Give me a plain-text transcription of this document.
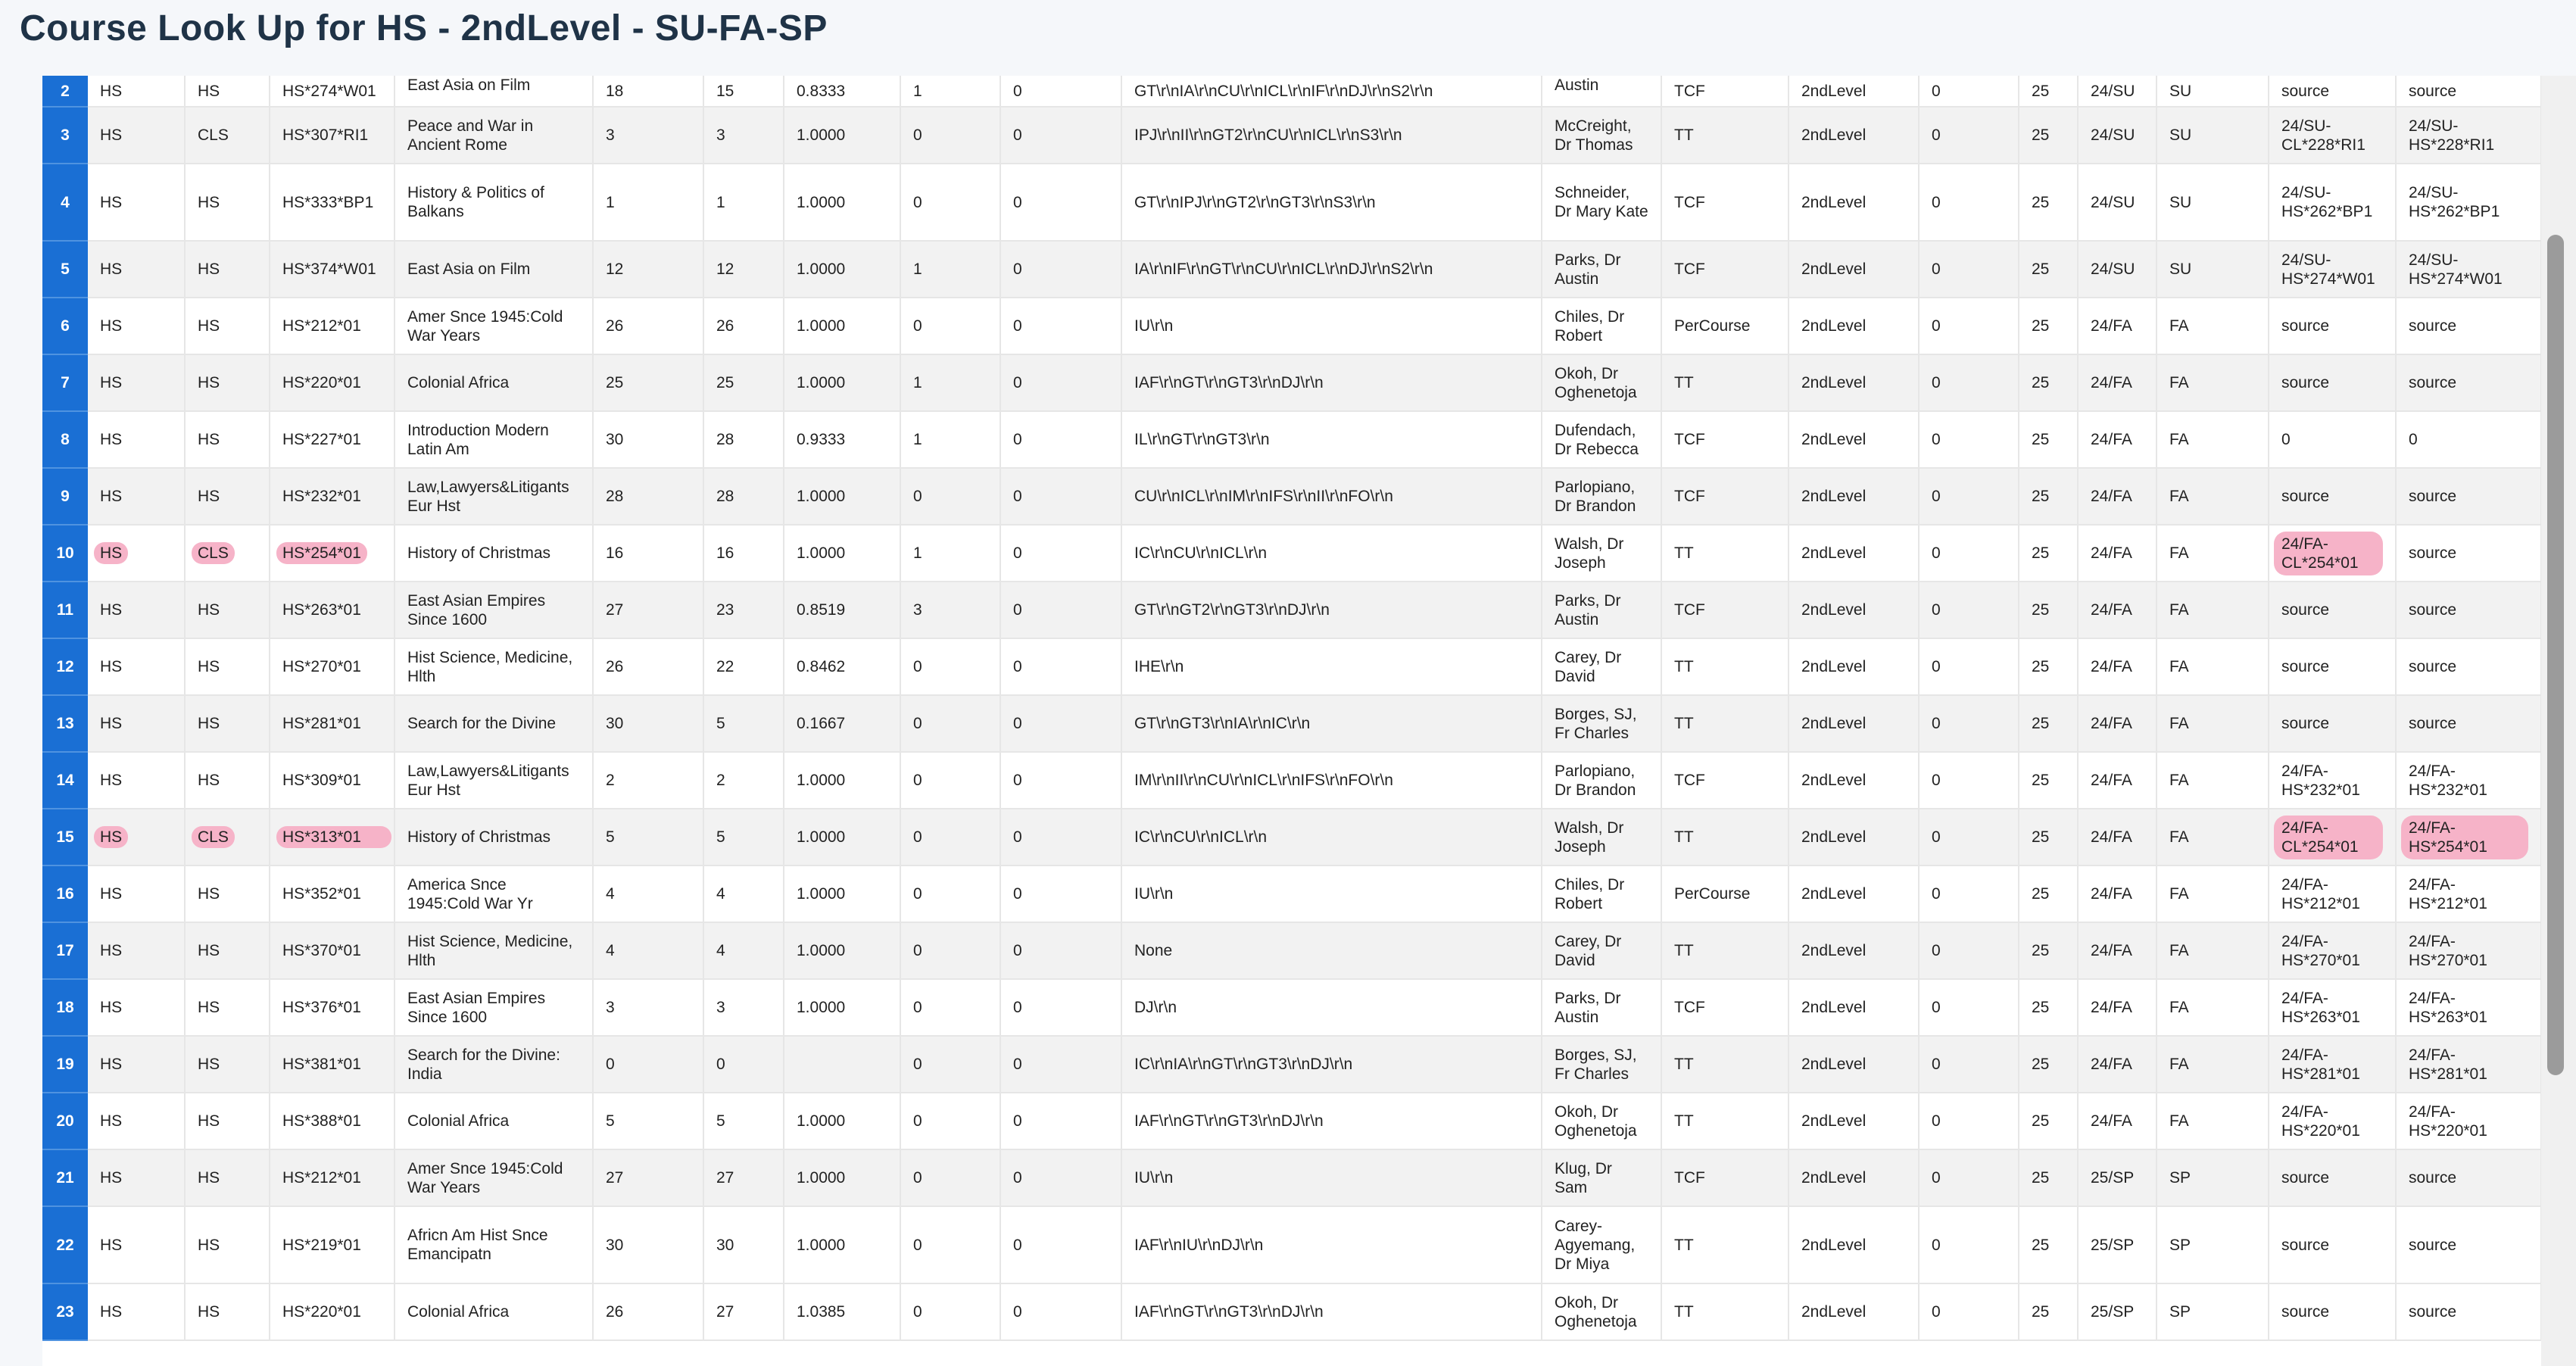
Course Look Up for HS - 2ndLevel - SU-FA-SP
2	HS	HS	HS*274*W01	East Asia on Film	18	15	0.8333	1	0	GT\r\nIA\r\nCU\r\nICL\r\nIF\r\nDJ\r\nS2\r\n	Austin	TCF	2ndLevel	0	25	24/SU	SU	source	source
3	HS	CLS	HS*307*RI1	Peace and War in Ancient Rome	3	3	1.0000	0	0	IPJ\r\nII\r\nGT2\r\nCU\r\nICL\r\nS3\r\n	McCreight, Dr Thomas	TT	2ndLevel	0	25	24/SU	SU	24/SU-CL*228*RI1	24/SU-HS*228*RI1
4	HS	HS	HS*333*BP1	History & Politics of Balkans	1	1	1.0000	0	0	GT\r\nIPJ\r\nGT2\r\nGT3\r\nS3\r\n	Schneider, Dr Mary Kate	TCF	2ndLevel	0	25	24/SU	SU	24/SU-HS*262*BP1	24/SU-HS*262*BP1
5	HS	HS	HS*374*W01	East Asia on Film	12	12	1.0000	1	0	IA\r\nIF\r\nGT\r\nCU\r\nICL\r\nDJ\r\nS2\r\n	Parks, Dr Austin	TCF	2ndLevel	0	25	24/SU	SU	24/SU-HS*274*W01	24/SU-HS*274*W01
6	HS	HS	HS*212*01	Amer Snce 1945:Cold War Years	26	26	1.0000	0	0	IU\r\n	Chiles, Dr Robert	PerCourse	2ndLevel	0	25	24/FA	FA	source	source
7	HS	HS	HS*220*01	Colonial Africa	25	25	1.0000	1	0	IAF\r\nGT\r\nGT3\r\nDJ\r\n	Okoh, Dr Oghenetoja	TT	2ndLevel	0	25	24/FA	FA	source	source
8	HS	HS	HS*227*01	Introduction Modern Latin Am	30	28	0.9333	1	0	IL\r\nGT\r\nGT3\r\n	Dufendach, Dr Rebecca	TCF	2ndLevel	0	25	24/FA	FA	0	0
9	HS	HS	HS*232*01	Law,Lawyers&Litigants Eur Hst	28	28	1.0000	0	0	CU\r\nICL\r\nIM\r\nIFS\r\nII\r\nFO\r\n	Parlopiano, Dr Brandon	TCF	2ndLevel	0	25	24/FA	FA	source	source
10	HS	CLS	HS*254*01	History of Christmas	16	16	1.0000	1	0	IC\r\nCU\r\nICL\r\n	Walsh, Dr Joseph	TT	2ndLevel	0	25	24/FA	FA	24/FA-CL*254*01	source
11	HS	HS	HS*263*01	East Asian Empires Since 1600	27	23	0.8519	3	0	GT\r\nGT2\r\nGT3\r\nDJ\r\n	Parks, Dr Austin	TCF	2ndLevel	0	25	24/FA	FA	source	source
12	HS	HS	HS*270*01	Hist Science, Medicine, Hlth	26	22	0.8462	0	0	IHE\r\n	Carey, Dr David	TT	2ndLevel	0	25	24/FA	FA	source	source
13	HS	HS	HS*281*01	Search for the Divine	30	5	0.1667	0	0	GT\r\nGT3\r\nIA\r\nIC\r\n	Borges, SJ, Fr Charles	TT	2ndLevel	0	25	24/FA	FA	source	source
14	HS	HS	HS*309*01	Law,Lawyers&Litigants Eur Hst	2	2	1.0000	0	0	IM\r\nII\r\nCU\r\nICL\r\nIFS\r\nFO\r\n	Parlopiano, Dr Brandon	TCF	2ndLevel	0	25	24/FA	FA	24/FA-HS*232*01	24/FA-HS*232*01
15	HS	CLS	HS*313*01	History of Christmas	5	5	1.0000	0	0	IC\r\nCU\r\nICL\r\n	Walsh, Dr Joseph	TT	2ndLevel	0	25	24/FA	FA	24/FA-CL*254*01	24/FA-HS*254*01
16	HS	HS	HS*352*01	America Snce 1945:Cold War Yr	4	4	1.0000	0	0	IU\r\n	Chiles, Dr Robert	PerCourse	2ndLevel	0	25	24/FA	FA	24/FA-HS*212*01	24/FA-HS*212*01
17	HS	HS	HS*370*01	Hist Science, Medicine, Hlth	4	4	1.0000	0	0	None	Carey, Dr David	TT	2ndLevel	0	25	24/FA	FA	24/FA-HS*270*01	24/FA-HS*270*01
18	HS	HS	HS*376*01	East Asian Empires Since 1600	3	3	1.0000	0	0	DJ\r\n	Parks, Dr Austin	TCF	2ndLevel	0	25	24/FA	FA	24/FA-HS*263*01	24/FA-HS*263*01
19	HS	HS	HS*381*01	Search for the Divine: India	0	0		0	0	IC\r\nIA\r\nGT\r\nGT3\r\nDJ\r\n	Borges, SJ, Fr Charles	TT	2ndLevel	0	25	24/FA	FA	24/FA-HS*281*01	24/FA-HS*281*01
20	HS	HS	HS*388*01	Colonial Africa	5	5	1.0000	0	0	IAF\r\nGT\r\nGT3\r\nDJ\r\n	Okoh, Dr Oghenetoja	TT	2ndLevel	0	25	24/FA	FA	24/FA-HS*220*01	24/FA-HS*220*01
21	HS	HS	HS*212*01	Amer Snce 1945:Cold War Years	27	27	1.0000	0	0	IU\r\n	Klug, Dr Sam	TCF	2ndLevel	0	25	25/SP	SP	source	source
22	HS	HS	HS*219*01	Africn Am Hist Snce Emancipatn	30	30	1.0000	0	0	IAF\r\nIU\r\nDJ\r\n	Carey-Agyemang, Dr Miya	TT	2ndLevel	0	25	25/SP	SP	source	source
23	HS	HS	HS*220*01	Colonial Africa	26	27	1.0385	0	0	IAF\r\nGT\r\nGT3\r\nDJ\r\n	Okoh, Dr Oghenetoja	TT	2ndLevel	0	25	25/SP	SP	source	source
